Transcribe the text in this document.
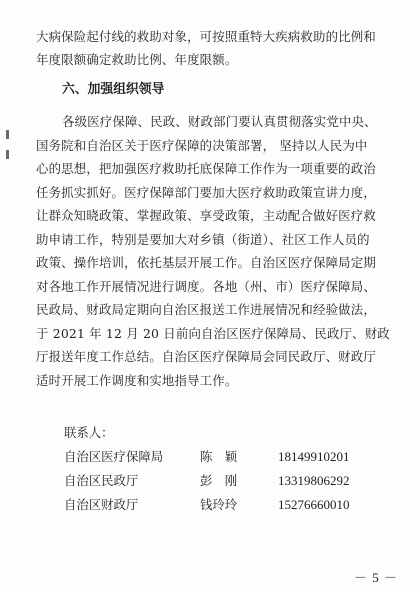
大病保险起付线的救助对象，可按照重特大疾病救助的比例和
年度限额确定救助比例、年度限额。
六、加强组织领导
各级医疗保障、民政、财政部门要认真贯彻落实党中央、
国务院和自治区关于医疗保障的决策部署， 坚持以人民为中
心的思想，把加强医疗救助托底保障工作作为一项重要的政治
任务抓实抓好。医疗保障部门要加大医疗救助政策宣讲力度，
让群众知晓政策、掌握政策、享受政策，主动配合做好医疗救
助申请工作，特别是要加大对乡镇（街道）、社区工作人员的
政策、操作培训，依托基层开展工作。自治区医疗保障局定期
对各地工作开展情况进行调度。各地（州、市）医疗保障局、
民政局、财政局定期向自治区报送工作进展情况和经验做法，
于 2021 年 12 月 20 日前向自治区医疗保障局、民政厅、财政
厅报送年度工作总结。自治区医疗保障局会同民政厅、财政厅
适时开展工作调度和实地指导工作。
联系人：
自治区医疗保障局	陈　颖	18149910201
自治区民政厅	彭　刚	13319806292
自治区财政厅	钱玲玲	15276660010
－ 5 －
